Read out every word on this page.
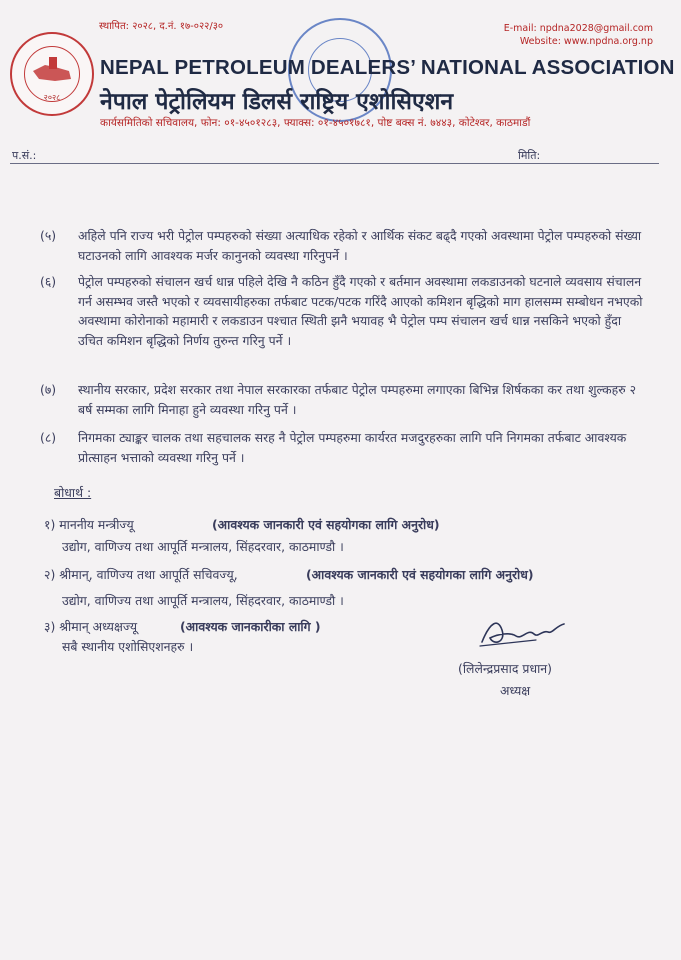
२०२८
स्थापित: २०२८, द.नं. १७-०२२/३०	E-mail: npdna2028@gmail.com
Website: www.npdna.org.np
NEPAL PETROLEUM DEALERS’ NATIONAL ASSOCIATION
नेपाल पेट्रोलियम डिलर्स राष्ट्रिय एशोसिएशन
कार्यसमितिको सचिवालय, फोन: ०१-४५०१२८३, फ्याक्स: ०१-४५०१७८१, पोष्ट बक्स नं. ७४४३, कोटेश्वर, काठमाडौं
प.सं.:	मिति:
(५)	अहिले पनि राज्य भरी पेट्रोल पम्पहरुको संख्या अत्याधिक रहेको र आर्थिक संकट बढ्दै गएको अवस्थामा पेट्रोल पम्पहरुको संख्या घटाउनको लागि आवश्यक मर्जर कानुनको व्यवस्था गरिनुपर्ने ।
(६)	पेट्रोल पम्पहरुको संचालन खर्च धान्न पहिले देखि नै कठिन हुँदै गएको र बर्तमान अवस्थामा लकडाउनको घटनाले व्यवसाय संचालन गर्न असम्भव जस्तै भएको र व्यवसायीहरुका तर्फबाट पटक/पटक गरिंदै आएको कमिशन बृद्धिको माग हालसम्म सम्बोधन नभएको अवस्थामा कोरोनाको महामारी र लकडाउन पश्चात स्थिती झनै भयावह भै पेट्रोल पम्प संचालन खर्च धान्न नसकिने भएको हुँदा उचित कमिशन बृद्धिको निर्णय तुरुन्त गरिनु पर्ने ।
(७)	स्थानीय सरकार, प्रदेश सरकार तथा नेपाल सरकारका तर्फबाट पेट्रोल पम्पहरुमा लगाएका बिभिन्न शिर्षकका कर तथा शुल्कहरु २ बर्ष सम्मका लागि मिनाहा हुने व्यवस्था गरिनु पर्ने ।
(८)	निगमका ट्याङ्कर चालक तथा सहचालक सरह नै पेट्रोल पम्पहरुमा कार्यरत मजदुरहरुका लागि पनि निगमका तर्फबाट आवश्यक प्रोत्साहन भत्ताको व्यवस्था गरिनु पर्ने ।
बोधार्थ :
१) माननीय मन्त्रीज्यू	(आवश्यक जानकारी एवं सहयोगका लागि अनुरोध)
उद्योग, वाणिज्य तथा आपूर्ति मन्त्रालय, सिंहदरवार, काठमाण्डौ ।
२) श्रीमान्, वाणिज्य तथा आपूर्ति सचिवज्यू,	(आवश्यक जानकारी एवं सहयोगका लागि अनुरोध)
उद्योग, वाणिज्य तथा आपूर्ति मन्त्रालय, सिंहदरवार, काठमाण्डौ ।
३) श्रीमान् अध्यक्षज्यू	(आवश्यक जानकारीका लागि )
सबै स्थानीय एशोसिएशनहरु ।
(लिलेन्द्रप्रसाद प्रधान)
अध्यक्ष
